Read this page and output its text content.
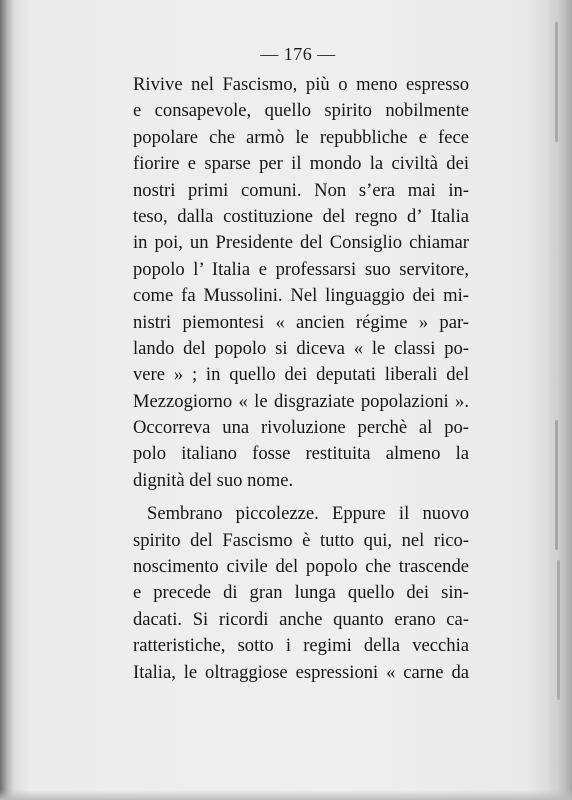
— 176 —
Rivive nel Fascismo, più o meno espresso
e consapevole, quello spirito nobilmente
popolare che armò le repubbliche e fece
fiorire e sparse per il mondo la civiltà dei
nostri primi comuni. Non s’era mai in-
teso, dalla costituzione del regno d’ Italia
in poi, un Presidente del Consiglio chiamar
popolo l’ Italia e professarsi suo servitore,
come fa Mussolini. Nel linguaggio dei mi-
nistri piemontesi « ancien régime » par-
lando del popolo si diceva « le classi po-
vere » ; in quello dei deputati liberali del
Mezzogiorno « le disgraziate popolazioni ».
Occorreva una rivoluzione perchè al po-
polo italiano fosse restituita almeno la
dignità del suo nome.
Sembrano piccolezze. Eppure il nuovo
spirito del Fascismo è tutto qui, nel rico-
noscimento civile del popolo che trascende
e precede di gran lunga quello dei sin-
dacati. Si ricordi anche quanto erano ca-
ratteristiche, sotto i regimi della vecchia
Italia, le oltraggiose espressioni « carne da
